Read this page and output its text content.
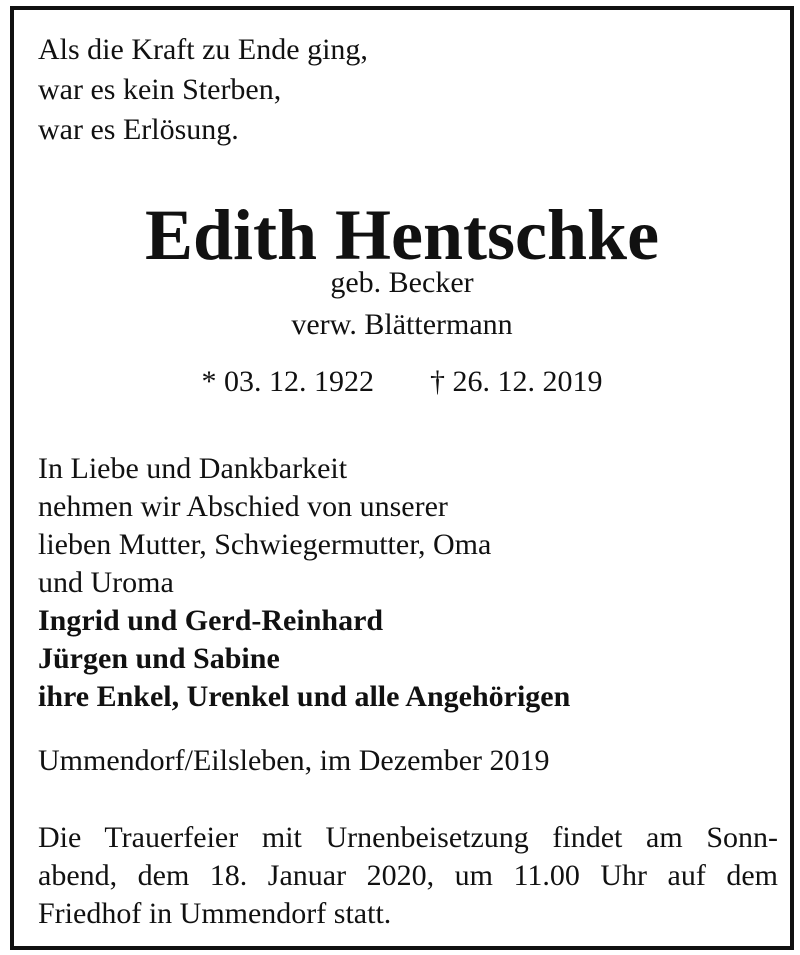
Als die Kraft zu Ende ging,
war es kein Sterben,
war es Erlösung.
Edith Hentschke
geb. Becker
verw. Blättermann
* 03. 12. 1922 † 26. 12. 2019
In Liebe und Dankbarkeit
nehmen wir Abschied von unserer
lieben Mutter, Schwiegermutter, Oma
und Uroma
Ingrid und Gerd-Reinhard
Jürgen und Sabine
ihre Enkel, Urenkel und alle Angehörigen
Ummendorf/Eilsleben, im Dezember 2019
Die Trauerfeier mit Urnenbeisetzung findet am Sonn-
abend, dem 18. Januar 2020, um 11.00 Uhr auf dem
Friedhof in Ummendorf statt.
